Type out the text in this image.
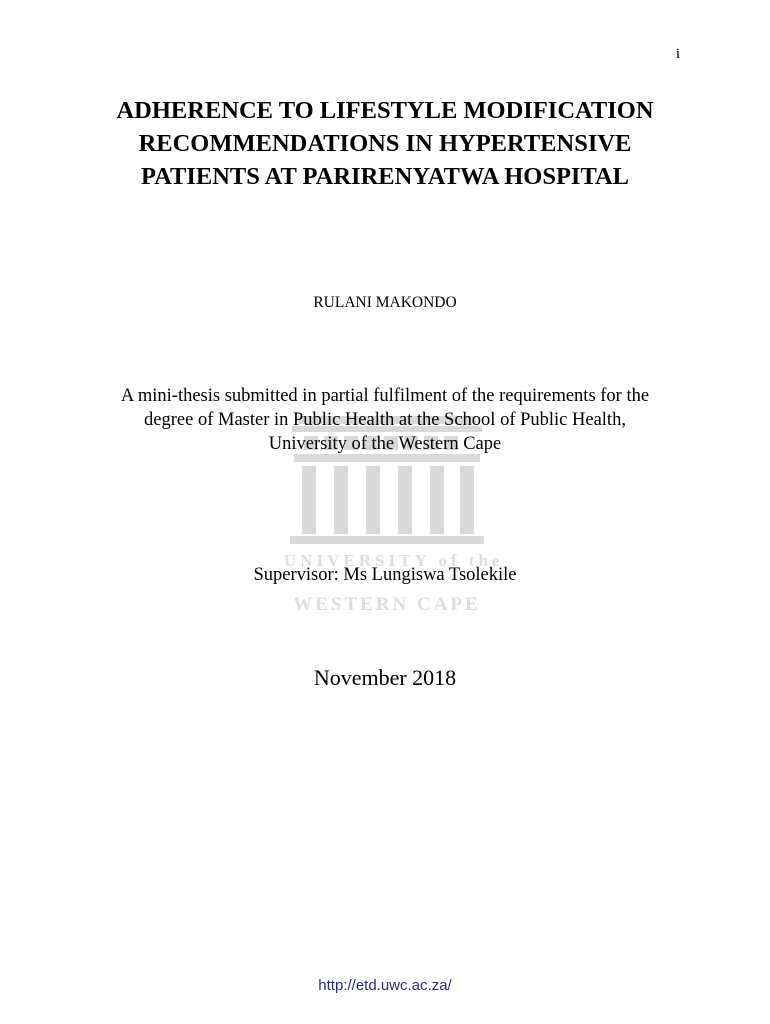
UNIVERSITY of the
WESTERN CAPE
i
ADHERENCE TO LIFESTYLE MODIFICATION
RECOMMENDATIONS IN HYPERTENSIVE
PATIENTS AT PARIRENYATWA HOSPITAL
RULANI MAKONDO
A mini-thesis submitted in partial fulfilment of the requirements for the
degree of Master in Public Health at the School of Public Health,
University of the Western Cape
Supervisor: Ms Lungiswa Tsolekile
November 2018
http://etd.uwc.ac.za/
